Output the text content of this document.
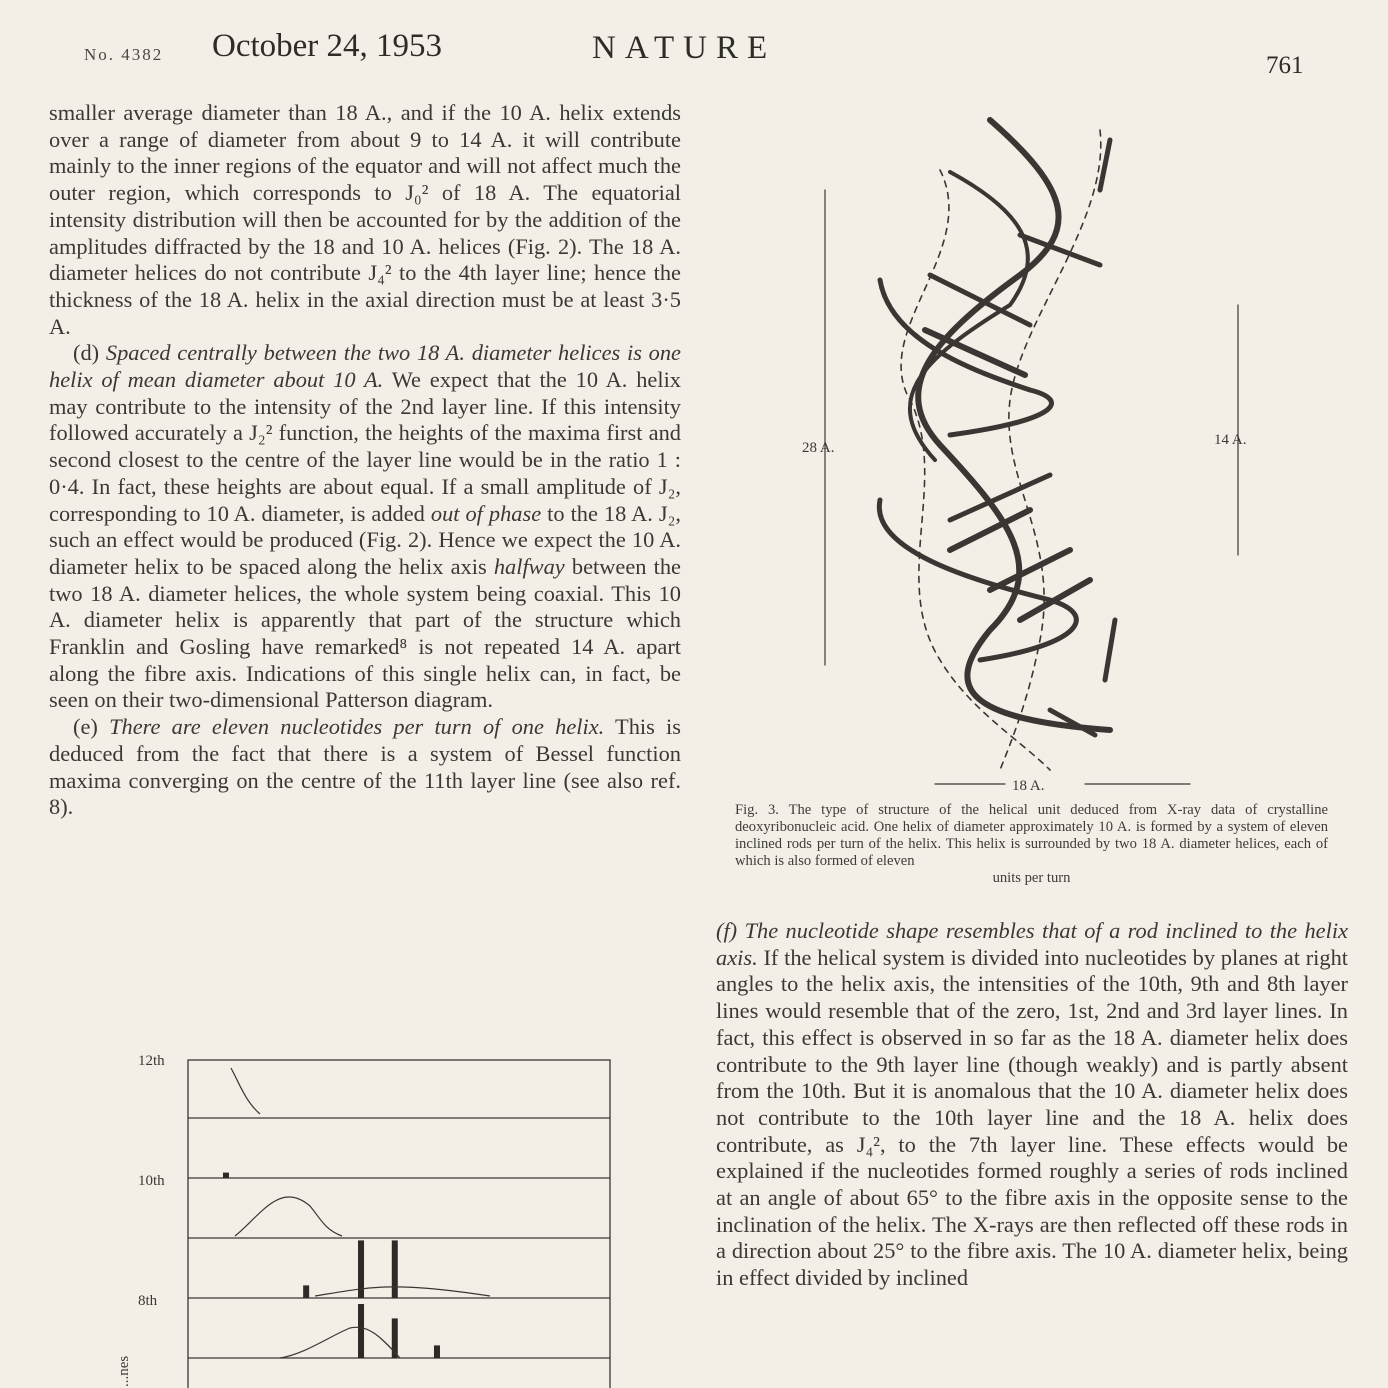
No. 4382 October 24, 1953	NATURE	761

smaller average diameter than 18 A., and if the 10 A. helix extends over a range of diameter from about 9 to 14 A. it will contribute mainly to the inner regions of the equator and will not affect much the outer region, which corresponds to J₀² of 18 A. The equatorial intensity distribution will then be accounted for by the addition of the amplitudes diffracted by the 18 and 10 A. helices (Fig. 2). The 18 A. diameter helices do not contribute J₄² to the 4th layer line; hence the thickness of the 18 A. helix in the axial direction must be at least 3·5 A.

(d) Spaced centrally between the two 18 A. diameter helices is one helix of mean diameter about 10 A. We expect that the 10 A. helix may contribute to the intensity of the 2nd layer line. If this intensity followed accurately a J₂² function, the heights of the maxima first and second closest to the centre of the layer line would be in the ratio 1 : 0·4. In fact, these heights are about equal. If a small amplitude of J₂, corresponding to 10 A. diameter, is added out of phase to the 18 A. J₂, such an effect would be produced (Fig. 2). Hence we expect the 10 A. diameter helix to be spaced along the helix axis halfway between the two 18 A. diameter helices, the whole system being coaxial. This 10 A. diameter helix is apparently that part of the structure which Franklin and Gosling have remarked⁸ is not repeated 14 A. apart along the fibre axis. Indications of this single helix can, in fact, be seen on their two-dimensional Patterson diagram.

(e) There are eleven nucleotides per turn of one helix. This is deduced from the fact that there is a system of Bessel function maxima converging on the centre of the 11th layer line (see also ref. 8).

28 A.	14 A.
18 A.
Fig. 3. The type of structure of the helical unit deduced from X-ray data of crystalline deoxyribonucleic acid. One helix of diameter approximately 10 A. is formed by a system of eleven inclined rods per turn of the helix. This helix is surrounded by two 18 A. diameter helices, each of which is also formed of eleven
units per turn

(f) The nucleotide shape resembles that of a rod inclined to the helix axis. If the helical system is divided into nucleotides by planes at right angles to the helix axis, the intensities of the 10th, 9th and 8th layer lines would resemble that of the zero, 1st, 2nd and 3rd layer lines. In fact, this effect is observed in so far as the 18 A. diameter helix does contribute to the 9th layer line (though weakly) and is partly absent from the 10th. But it is anomalous that the 10 A. diameter helix does not contribute to the 10th layer line and the 18 A. helix does contribute, as J₄², to the 7th layer line. These effects would be explained if the nucleotides formed roughly a series of rods inclined at an angle of about 65° to the fibre axis in the opposite sense to the inclination of the helix. The X-rays are then reflected off these rods in a direction about 25° to the fibre axis. The 10 A. diameter helix, being in effect divided by inclined

12th
10th
8th
...nes
